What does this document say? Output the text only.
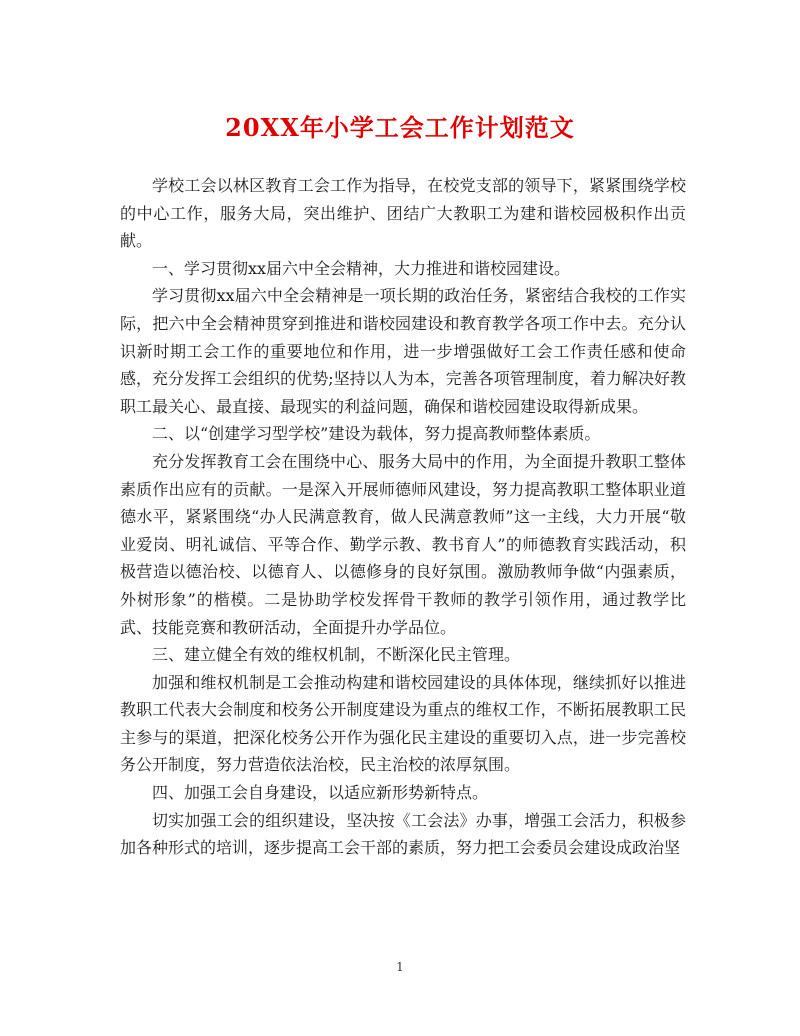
20XX年小学工会工作计划范文

学校工会以林区教育工会工作为指导，在校党支部的领导下，紧紧围绕学校的中心工作，服务大局，突出维护、团结广大教职工为建和谐校园极积作出贡献。

一、学习贯彻xx届六中全会精神，大力推进和谐校园建设。

学习贯彻xx届六中全会精神是一项长期的政治任务，紧密结合我校的工作实际，把六中全会精神贯穿到推进和谐校园建设和教育教学各项工作中去。充分认识新时期工会工作的重要地位和作用，进一步增强做好工会工作责任感和使命感，充分发挥工会组织的优势;坚持以人为本，完善各项管理制度，着力解决好教职工最关心、最直接、最现实的利益问题，确保和谐校园建设取得新成果。

二、以“创建学习型学校”建设为载体，努力提高教师整体素质。

充分发挥教育工会在围绕中心、服务大局中的作用，为全面提升教职工整体素质作出应有的贡献。一是深入开展师德师风建设，努力提高教职工整体职业道德水平，紧紧围绕“办人民满意教育，做人民满意教师”这一主线，大力开展“敬业爱岗、明礼诚信、平等合作、勤学示教、教书育人”的师德教育实践活动，积极营造以德治校、以德育人、以德修身的良好氛围。激励教师争做“内强素质，外树形象”的楷模。二是协助学校发挥骨干教师的教学引领作用，通过教学比武、技能竞赛和教研活动，全面提升办学品位。

三、建立健全有效的维权机制，不断深化民主管理。

加强和维权机制是工会推动构建和谐校园建设的具体体现，继续抓好以推进教职工代表大会制度和校务公开制度建设为重点的维权工作，不断拓展教职工民主参与的渠道，把深化校务公开作为强化民主建设的重要切入点，进一步完善校务公开制度，努力营造依法治校，民主治校的浓厚氛围。

四、加强工会自身建设，以适应新形势新特点。

切实加强工会的组织建设，坚决按《工会法》办事，增强工会活力，积极参加各种形式的培训，逐步提高工会干部的素质，努力把工会委员会建设成政治坚

1
